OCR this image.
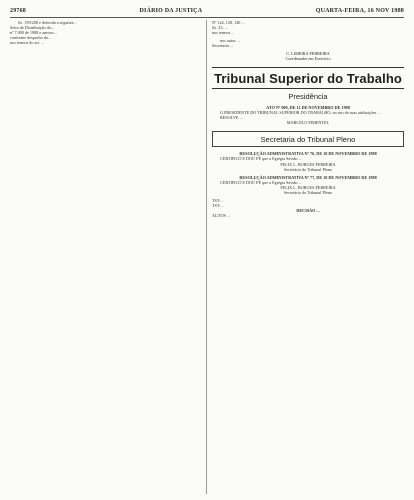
29768	DIÁRIO DA JUSTIÇA	QUARTA-FEIRA, 16 NOV 1988
fls. 199/200 e deferida a seguinte...
Setor de Distribuição do...
nº 7.000 de 1988 e anexos...
conforme despacho do...
nos termos do art. ...
Nº 124, 128, 140 ...
fls. 23, ...
nos termos ...
nos autos ...
Secretaria ...
C. LIMEIRA FERREIRA
Coordenador em Exercício
Tribunal Superior do Trabalho
Presidência
ATO Nº 000, DE 11 DE NOVEMBRO DE 1988
O PRESIDENTE DO TRIBUNAL SUPERIOR DO TRABALHO, no uso de suas atribuições ...
RESOLVE ...
MARCELO PIMENTEL
Secretaria do Tribunal Pleno
RESOLUÇÃO ADMINISTRATIVA Nº 76, DE 10 DE NOVEMBRO DE 1988
CERTIFICO E DOU FÉ que a Egrégia Sessão ...
FELIX L. BORGES FERREIRA
Secretário do Tribunal Pleno
RESOLUÇÃO ADMINISTRATIVA Nº 77, DE 10 DE NOVEMBRO DE 1988
CERTIFICO E DOU FÉ que a Egrégia Sessão ...
FELIX L. BORGES FERREIRA
Secretário do Tribunal Pleno
TST-...
TST-...
DECISÃO ...
AUTOS ...
